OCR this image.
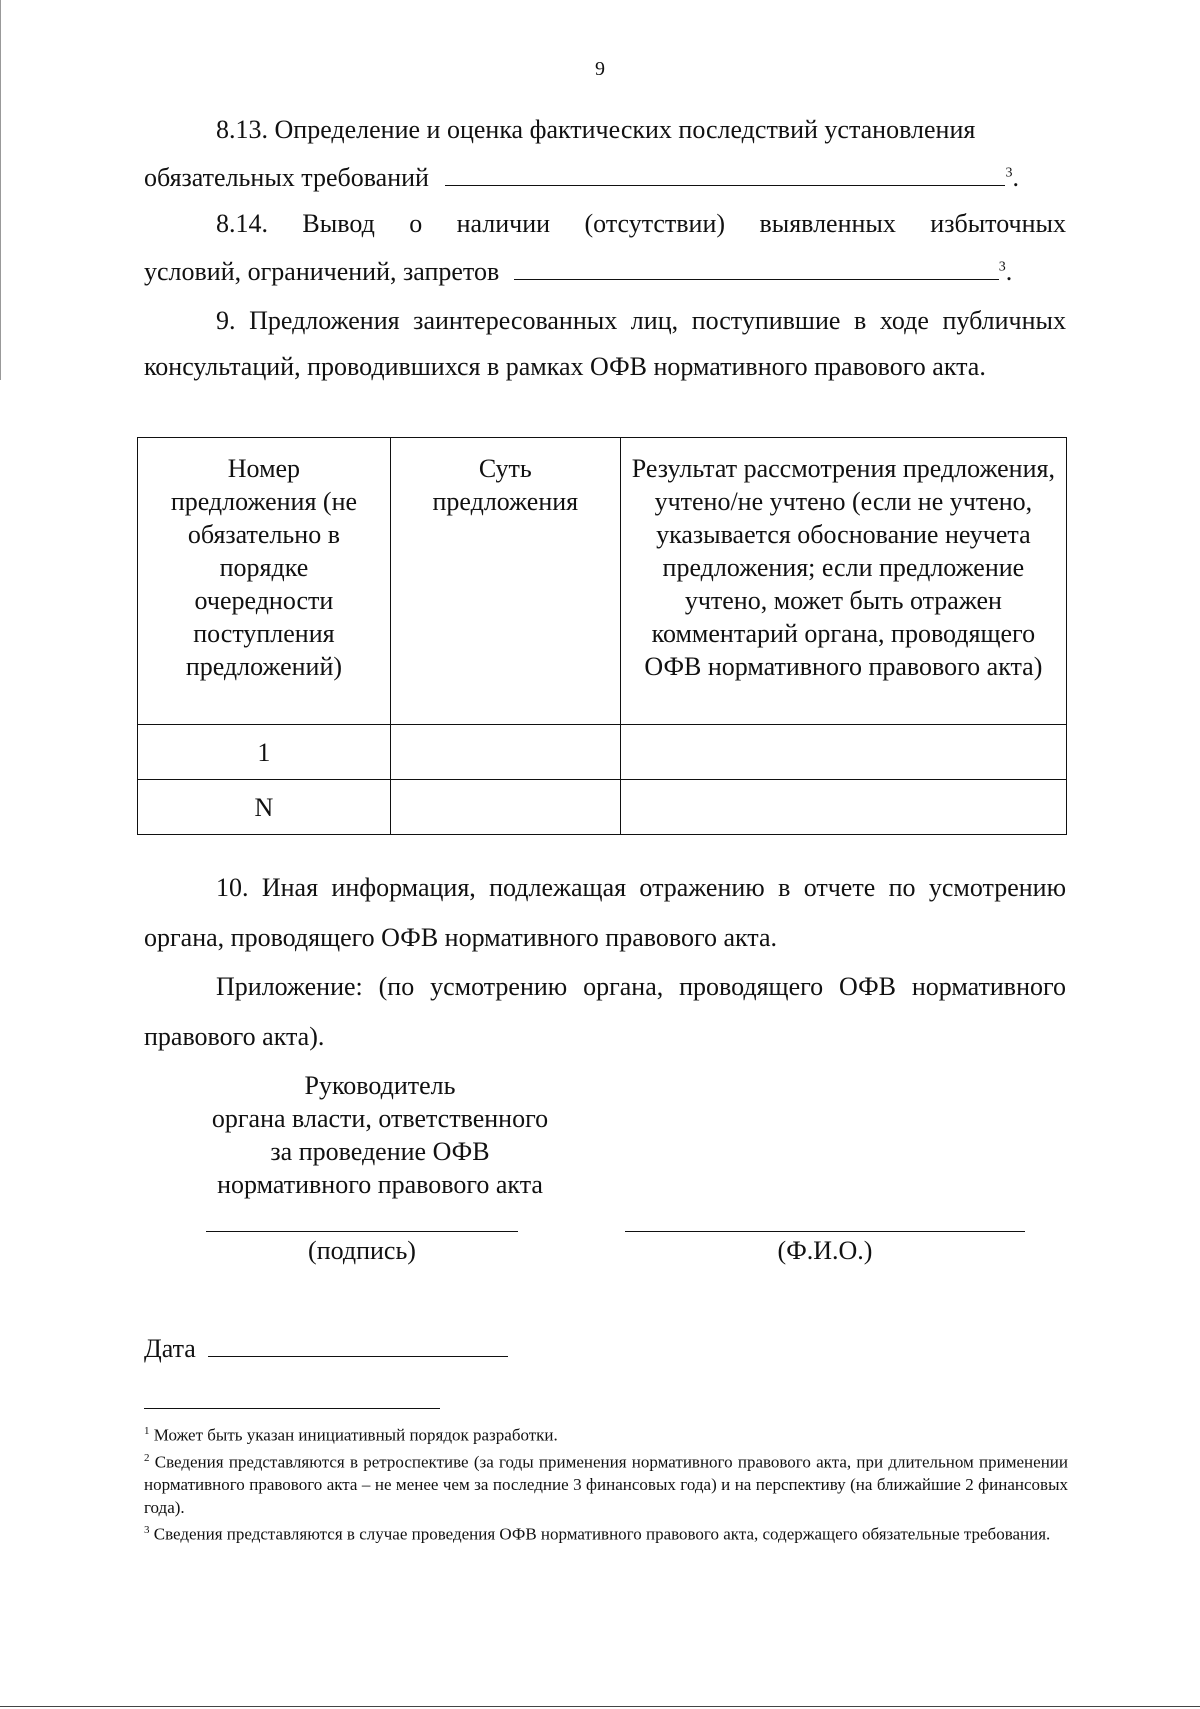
9
8.13. Определение и оценка фактических последствий установления
обязательных требований	$^3$.
8.14. Вывод о наличии (отсутствии) выявленных избыточных
условий, ограничений, запретов	$^3$.
9. Предложения заинтересованных лиц, поступившие в ходе публичных консультаций, проводившихся в рамках ОФВ нормативного правового акта.
Номер предложения (не обязательно в порядке очередности поступления предложений)	Суть предложения	Результат рассмотрения предложения, учтено/не учтено (если не учтено, указывается обоснование неучета предложения; если предложение учтено, может быть отражен комментарий органа, проводящего ОФВ нормативного правового акта)
1		
N		
10. Иная информация, подлежащая отражению в отчете по усмотрению органа, проводящего ОФВ нормативного правового акта.
Приложение: (по усмотрению органа, проводящего ОФВ нормативного правового акта).
Руководитель
органа власти, ответственного
за проведение ОФВ
нормативного правового акта
(подпись)	(Ф.И.О.)
Дата

$^1$ Может быть указан инициативный порядок разработки.

$^2$ Сведения представляются в ретроспективе (за годы применения нормативного правового акта, при длительном применении нормативного правового акта – не менее чем за последние 3 финансовых года) и на перспективу (на ближайшие 2 финансовых года).

$^3$ Сведения представляются в случае проведения ОФВ нормативного правового акта, содержащего обязательные требования.
